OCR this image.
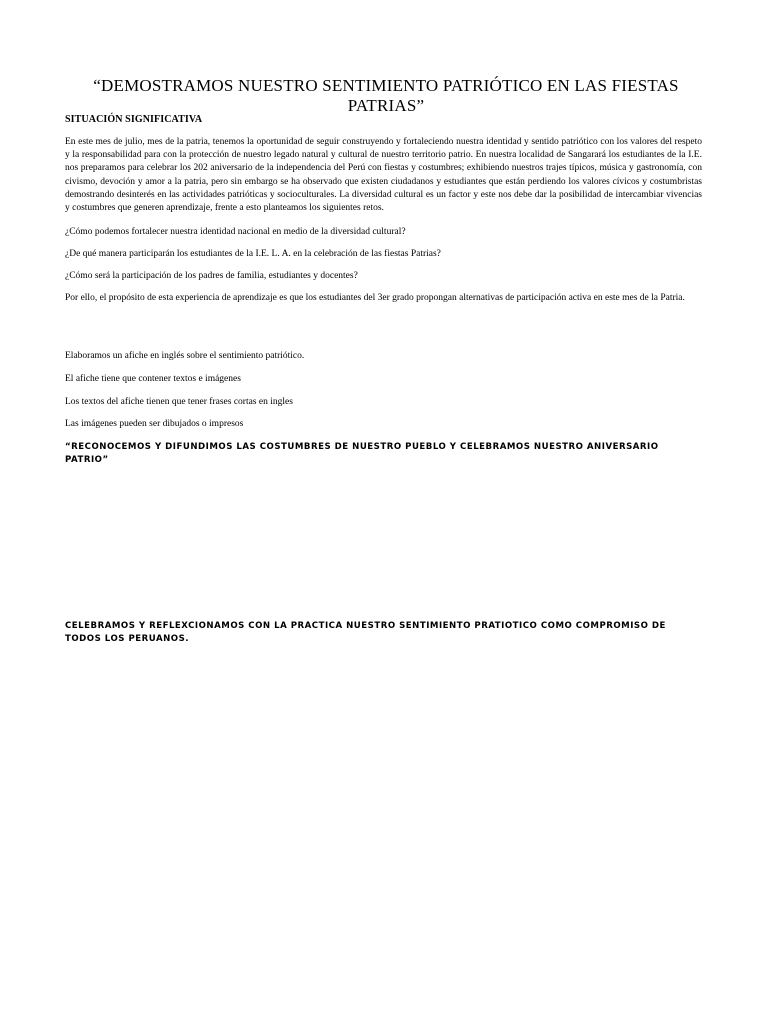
“DEMOSTRAMOS NUESTRO SENTIMIENTO PATRIÓTICO EN LAS FIESTAS PATRIAS”
SITUACIÓN SIGNIFICATIVA
En este mes de julio, mes de la patria, tenemos la oportunidad de seguir construyendo y fortaleciendo nuestra identidad y sentido patriótico con los valores del respeto y la responsabilidad para con la protección de nuestro legado natural y cultural de nuestro territorio patrio. En nuestra localidad de Sangarará los estudiantes de la I.E. nos preparamos para celebrar los 202 aniversario de la independencia del Perú con fiestas y costumbres; exhibiendo nuestros trajes típicos, música y gastronomía, con civismo, devoción y amor a la patria, pero sin embargo se ha observado que existen ciudadanos y estudiantes que están perdiendo los valores cívicos y costumbristas demostrando desinterés en las actividades patrióticas y socioculturales. La diversidad cultural es un factor y este nos debe dar la posibilidad de intercambiar vivencias y costumbres que generen aprendizaje, frente a esto planteamos los siguientes retos.
¿Cómo podemos fortalecer nuestra identidad nacional en medio de la diversidad cultural?
¿De qué manera participarán los estudiantes de la I.E. L. A. en la celebración de las fiestas Patrias?
¿Cómo será la participación de los padres de familia, estudiantes y docentes?
Por ello, el propósito de esta experiencia de aprendizaje es que los estudiantes del 3er grado propongan alternativas de participación activa en este mes de la Patria.
Elaboramos un afiche en inglés sobre el sentimiento patriótico.
El afiche tiene que contener textos e imágenes
Los textos del afiche tienen que tener frases cortas en ingles
Las imágenes pueden ser dibujados o impresos
“RECONOCEMOS Y DIFUNDIMOS LAS COSTUMBRES DE NUESTRO PUEBLO Y CELEBRAMOS NUESTRO ANIVERSARIO PATRIO”
CELEBRAMOS Y REFLEXCIONAMOS CON LA PRACTICA NUESTRO SENTIMIENTO PRATIOTICO COMO COMPROMISO DE TODOS LOS PERUANOS.
